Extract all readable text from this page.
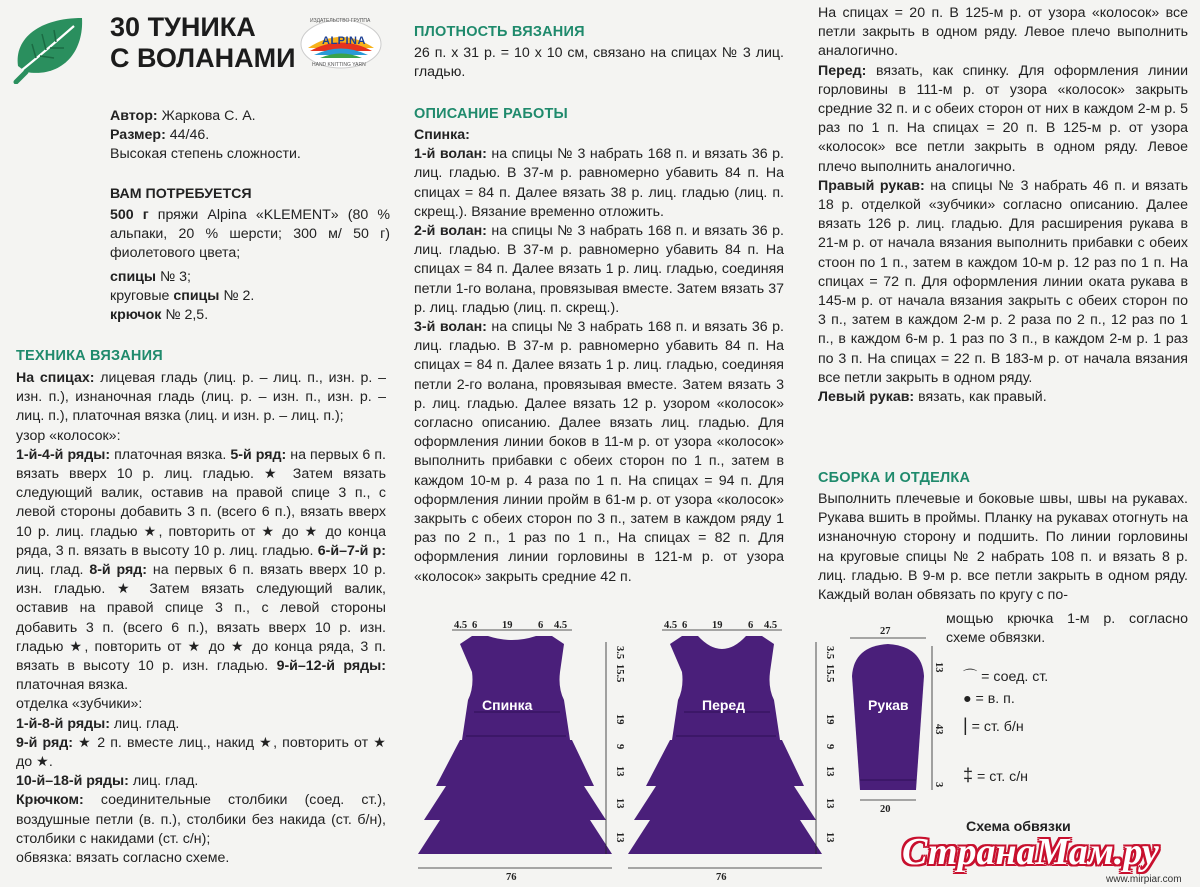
30 ТУНИКА
С ВОЛАНАМИ
ИЗДАТЕЛЬСТВО ГРУППА
ALPINA
HAND KNITTING YARN

Автор: Жаркова С. А.

Размер: 44/46.

Высокая степень сложности.

ВАМ ПОТРЕБУЕТСЯ

500 г пряжи Alpina «KLEMENT» (80 % альпаки, 20 % шерсти; 300 м/ 50 г) фиолетового цвета;

спицы № 3;

круговые спицы № 2.

крючок № 2,5.

ТЕХНИКА ВЯЗАНИЯ

На спицах: лицевая гладь (лиц. р. – лиц. п., изн. р. – изн. п.), изнаночная гладь (лиц. р. – изн. п., изн. р. – лиц. п.), платочная вязка (лиц. и изн. р. – лиц. п.);
узор «колосок»:
1-й-4-й ряды: платочная вязка. 5-й ряд: на первых 6 п. вязать вверх 10 р. лиц. гладью. ★ Затем вязать следующий валик, оставив на правой спице 3 п., с левой стороны добавить 3 п. (всего 6 п.), вязать вверх 10 р. лиц. гладью ★, повторить от ★ до ★ до конца ряда, 3 п. вязать в высоту 10 р. лиц. гладью. 6-й–7-й р: лиц. глад. 8-й ряд: на первых 6 п. вязать вверх 10 р. изн. гладью. ★ Затем вязать следующий валик, оставив на правой спице 3 п., с левой стороны добавить 3 п. (всего 6 п.), вязать вверх 10 р. изн. гладью ★, повторить от ★ до ★ до конца ряда, 3 п. вязать в высоту 10 р. изн. гладью. 9-й–12-й ряды: платочная вязка.
отделка «зубчики»:
1-й-8-й ряды: лиц. глад.
9-й ряд: ★ 2 п. вместе лиц., накид ★, повторить от ★ до ★.
10-й–18-й ряды: лиц. глад.
Крючком: соединительные столбики (соед. ст.), воздушные петли (в. п.), столбики без накида (ст. б/н), столбики с накидами (ст. с/н);
обвязка: вязать согласно схеме.

ПЛОТНОСТЬ ВЯЗАНИЯ

26 п. х 31 р. = 10 х 10 см, связано на спицах № 3 лиц. гладью.

ОПИСАНИЕ РАБОТЫ

Спинка:
1-й волан: на спицы № 3 набрать 168 п. и вязать 36 р. лиц. гладью. В 37-м р. равномерно убавить 84 п. На спицах = 84 п. Далее вязать 38 р. лиц. гладью (лиц. п. скрещ.). Вязание временно отложить.
2-й волан: на спицы № 3 набрать 168 п. и вязать 36 р. лиц. гладью. В 37-м р. равномерно убавить 84 п. На спицах = 84 п. Далее вязать 1 р. лиц. гладью, соединяя петли 1-го волана, провязывая вместе. Затем вязать 37 р. лиц. гладью (лиц. п. скрещ.).
3-й волан: на спицы № 3 набрать 168 п. и вязать 36 р. лиц. гладью. В 37-м р. равномерно убавить 84 п. На спицах = 84 п. Далее вязать 1 р. лиц. гладью, соединяя петли 2-го волана, провязывая вместе. Затем вязать 3 р. лиц. гладью. Далее вязать 12 р. узором «колосок» согласно описанию. Далее вязать лиц. гладью. Для оформления линии боков в 11-м р. от узора «колосок» выполнить прибавки с обеих сторон по 1 п., затем в каждом 10-м р. 4 раза по 1 п. На спицах = 94 п. Для оформления линии пройм в 61-м р. от узора «колосок» закрыть с обеих сторон по 3 п., затем в каждом ряду 1 раз по 2 п., 1 раз по 1 п., На спицах = 82 п. Для оформления линии горловины в 121-м р. от узора «колосок» закрыть средние 42 п.
На спицах = 20 п. В 125-м р. от узора «колосок» все петли закрыть в одном ряду. Левое плечо выполнить аналогично.
Перед: вязать, как спинку. Для оформления линии горловины в 111-м р. от узора «колосок» закрыть средние 32 п. и с обеих сторон от них в каждом 2-м р. 5 раз по 1 п. На спицах = 20 п. В 125-м р. от узора «колосок» все петли закрыть в одном ряду. Левое плечо выполнить аналогично.
Правый рукав: на спицы № 3 набрать 46 п. и вязать 18 р. отделкой «зубчики» согласно описанию. Далее вязать 126 р. лиц. гладью. Для расширения рукава в 21-м р. от начала вязания выполнить прибавки с обеих стоон по 1 п., затем в каждом 10-м р. 12 раз по 1 п. На спицах = 72 п. Для оформления линии оката рукава в 145-м р. от начала вязания закрыть с обеих сторон по 3 п., затем в каждом 2-м р. 2 раза по 2 п., 12 раз по 1 п., в каждом 6-м р. 1 раз по 3 п., в каждом 2-м р. 1 раз по 3 п. На спицах = 22 п. В 183-м р. от начала вязания все петли закрыть в одном ряду.
Левый рукав: вязать, как правый.

СБОРКА И ОТДЕЛКА

Выполнить плечевые и боковые швы, швы на рукавах. Рукава вшить в проймы. Планку на рукавах отогнуть на изнаночную сторону и подшить. По линии горловины на круговые спицы № 2 набрать 108 п. и вязать 8 р. лиц. гладью. В 9-м р. все петли закрыть в одном ряду. Каждый волан обвязать по кругу с по-

мощью крючка 1-м р. согласно схеме обвязки.

⌒ = соед. ст.
● = в. п.
| = ст. б/н
‡ = ст. с/н
Схема обвязки
4.5 6 19 6 4.5
Спинка
76
3.5
15.5
19
9
13
13
13
4.5 6 19 6 4.5
Перед
76
3.5
15.5
19
9
13
13
13
27
Рукав
20
13
43
3
СтранаМам.ру
www.mirpiar.com
